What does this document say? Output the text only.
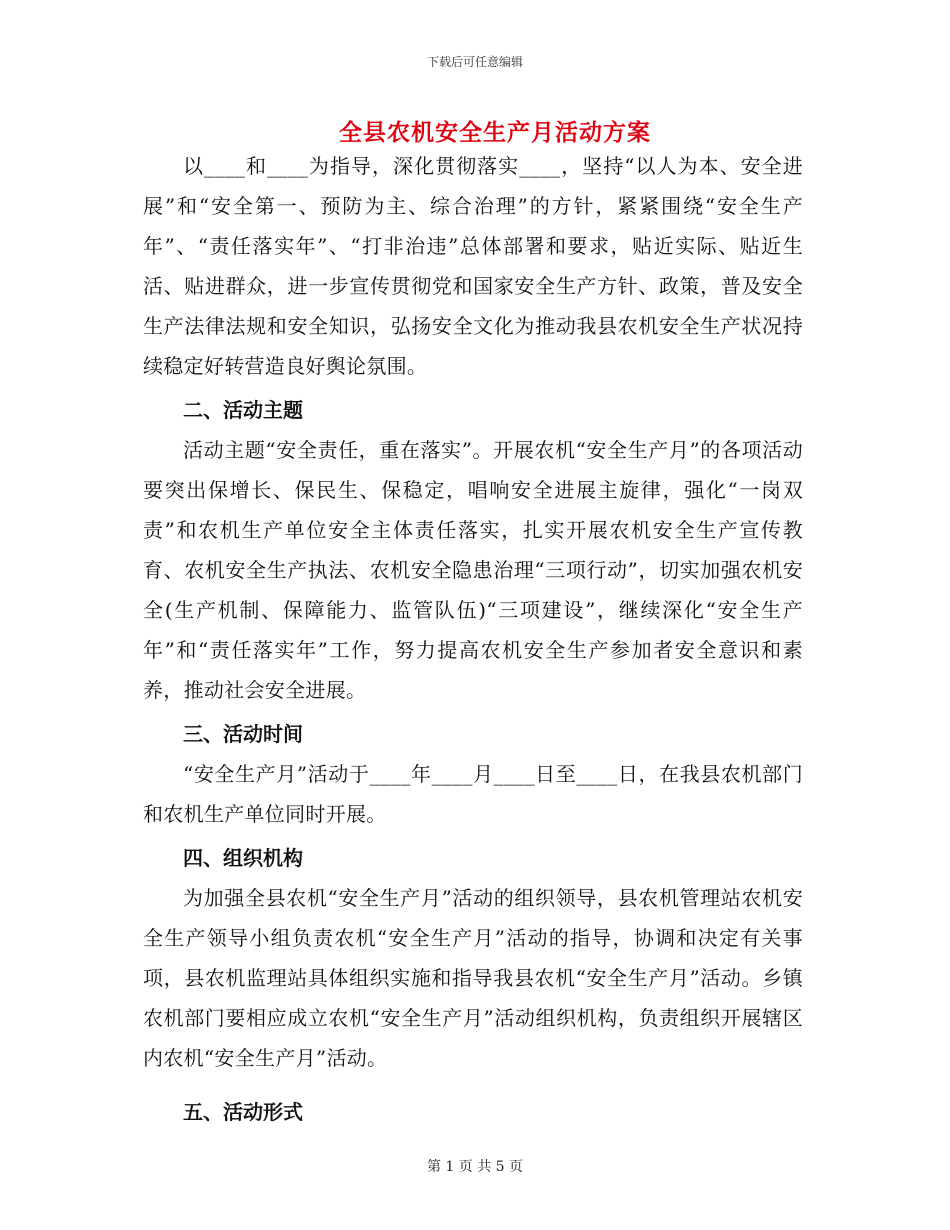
下载后可任意编辑
全县农机安全生产月活动方案

以____和____为指导，深化贯彻落实____，坚持“以人为本、安全进展”和“安全第一、预防为主、综合治理”的方针，紧紧围绕“安全生产年”、“责任落实年”、“打非治违”总体部署和要求，贴近实际、贴近生活、贴进群众，进一步宣传贯彻党和国家安全生产方针、政策，普及安全生产法律法规和安全知识，弘扬安全文化为推动我县农机安全生产状况持续稳定好转营造良好舆论氛围。

二、活动主题

活动主题“安全责任，重在落实”。开展农机“安全生产月”的各项活动要突出保增长、保民生、保稳定，唱响安全进展主旋律，强化“一岗双责”和农机生产单位安全主体责任落实，扎实开展农机安全生产宣传教育、农机安全生产执法、农机安全隐患治理“三项行动”，切实加强农机安全(生产机制、保障能力、监管队伍)“三项建设”，继续深化“安全生产年”和“责任落实年”工作，努力提高农机安全生产参加者安全意识和素养，推动社会安全进展。

三、活动时间

“安全生产月”活动于____年____月____日至____日，在我县农机部门和农机生产单位同时开展。

四、组织机构

为加强全县农机“安全生产月”活动的组织领导，县农机管理站农机安全生产领导小组负责农机“安全生产月”活动的指导，协调和决定有关事项，县农机监理站具体组织实施和指导我县农机“安全生产月”活动。乡镇农机部门要相应成立农机“安全生产月”活动组织机构，负责组织开展辖区内农机“安全生产月”活动。

五、活动形式
第 1 页 共 5 页
